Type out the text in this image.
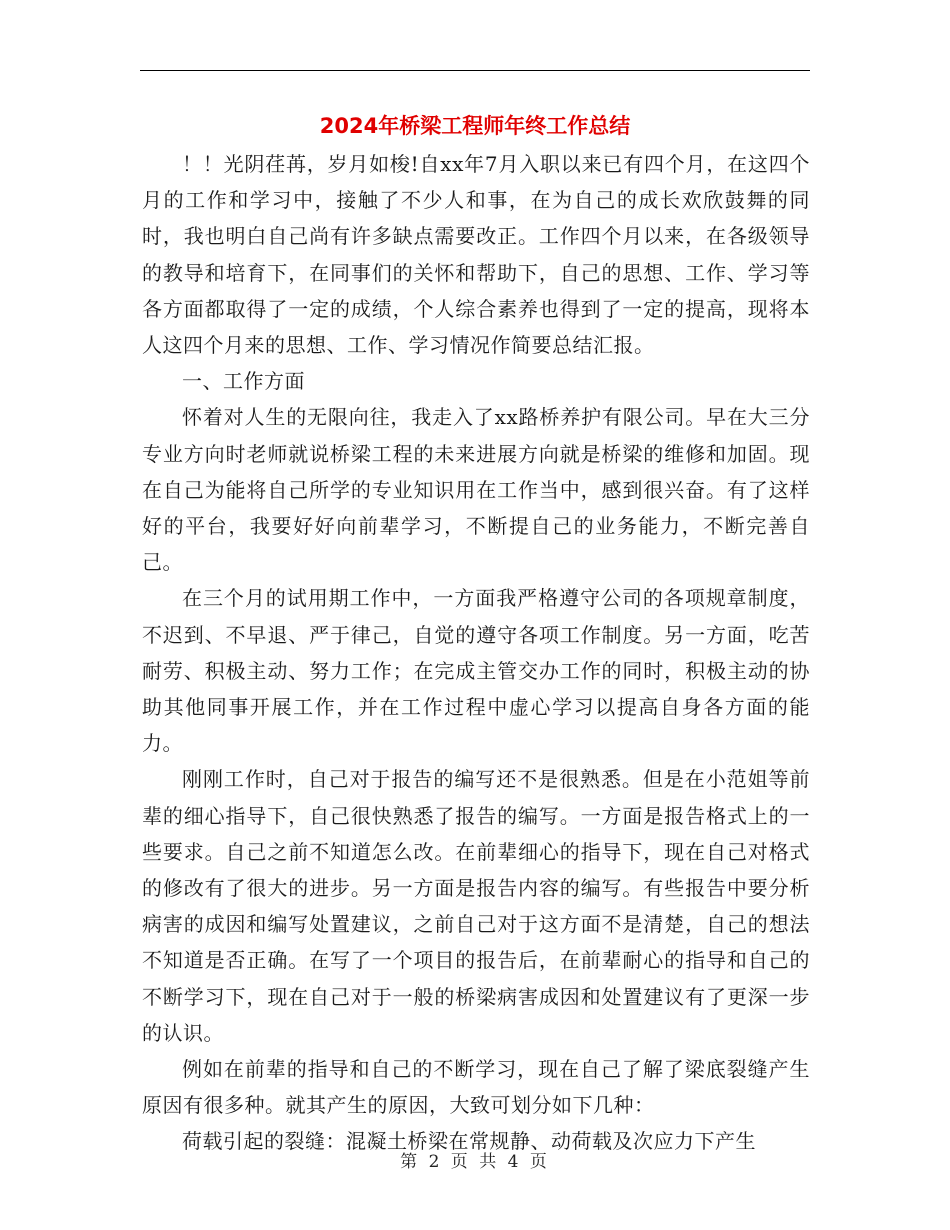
2024年桥梁工程师年终工作总结

！！光阴荏苒，岁月如梭!自xx年7月入职以来已有四个月，在这四个月的工作和学习中，接触了不少人和事，在为自己的成长欢欣鼓舞的同时，我也明白自己尚有许多缺点需要改正。工作四个月以来，在各级领导的教导和培育下，在同事们的关怀和帮助下，自己的思想、工作、学习等各方面都取得了一定的成绩，个人综合素养也得到了一定的提高，现将本人这四个月来的思想、工作、学习情况作简要总结汇报。

一、工作方面

怀着对人生的无限向往，我走入了xx路桥养护有限公司。早在大三分专业方向时老师就说桥梁工程的未来进展方向就是桥梁的维修和加固。现在自己为能将自己所学的专业知识用在工作当中，感到很兴奋。有了这样好的平台，我要好好向前辈学习，不断提自己的业务能力，不断完善自己。

在三个月的试用期工作中，一方面我严格遵守公司的各项规章制度，不迟到、不早退、严于律己，自觉的遵守各项工作制度。另一方面，吃苦耐劳、积极主动、努力工作；在完成主管交办工作的同时，积极主动的协助其他同事开展工作，并在工作过程中虚心学习以提高自身各方面的能力。

刚刚工作时，自己对于报告的编写还不是很熟悉。但是在小范姐等前辈的细心指导下，自己很快熟悉了报告的编写。一方面是报告格式上的一些要求。自己之前不知道怎么改。在前辈细心的指导下，现在自己对格式的修改有了很大的进步。另一方面是报告内容的编写。有些报告中要分析病害的成因和编写处置建议，之前自己对于这方面不是清楚，自己的想法不知道是否正确。在写了一个项目的报告后，在前辈耐心的指导和自己的不断学习下，现在自己对于一般的桥梁病害成因和处置建议有了更深一步的认识。

例如在前辈的指导和自己的不断学习，现在自己了解了梁底裂缝产生原因有很多种。就其产生的原因，大致可划分如下几种：

荷载引起的裂缝：混凝土桥梁在常规静、动荷载及次应力下产生

第 2 页 共 4 页
